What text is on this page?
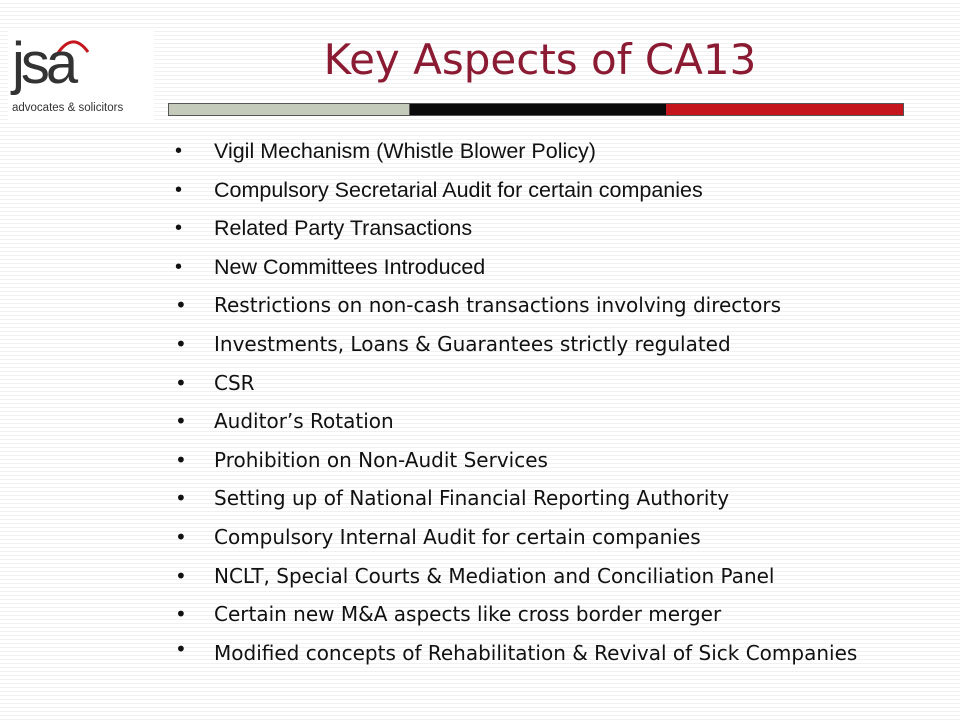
jsa
advocates & solicitors
Key Aspects of CA13
• Vigil Mechanism (Whistle Blower Policy)
• Compulsory Secretarial Audit for certain companies
• Related Party Transactions
• New Committees Introduced
• Restrictions on non-cash transactions involving directors
• Investments, Loans & Guarantees strictly regulated
• CSR
• Auditor’s Rotation
• Prohibition on Non-Audit Services
• Setting up of National Financial Reporting Authority
• Compulsory Internal Audit for certain companies
• NCLT, Special Courts & Mediation and Conciliation Panel
• Certain new M&A aspects like cross border merger
• Modified concepts of Rehabilitation & Revival of Sick Companies
